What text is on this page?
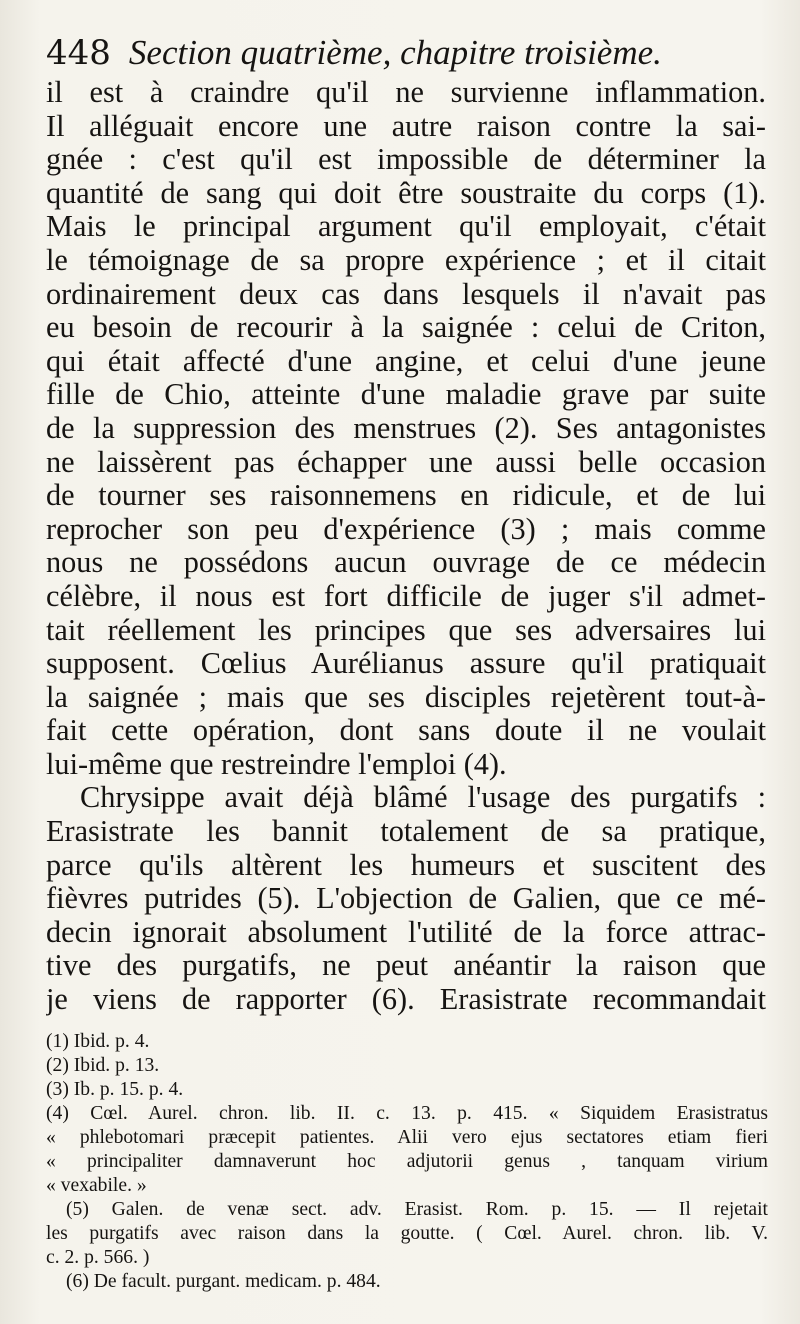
448 Section quatrième, chapitre troisième.
il est à craindre qu'il ne survienne inflammation.
Il alléguait encore une autre raison contre la sai-
gnée : c'est qu'il est impossible de déterminer la
quantité de sang qui doit être soustraite du corps (1).
Mais le principal argument qu'il employait, c'était
le témoignage de sa propre expérience ; et il citait
ordinairement deux cas dans lesquels il n'avait pas
eu besoin de recourir à la saignée : celui de Criton,
qui était affecté d'une angine, et celui d'une jeune
fille de Chio, atteinte d'une maladie grave par suite
de la suppression des menstrues (2). Ses antagonistes
ne laissèrent pas échapper une aussi belle occasion
de tourner ses raisonnemens en ridicule, et de lui
reprocher son peu d'expérience (3) ; mais comme
nous ne possédons aucun ouvrage de ce médecin
célèbre, il nous est fort difficile de juger s'il admet-
tait réellement les principes que ses adversaires lui
supposent. Cœlius Aurélianus assure qu'il pratiquait
la saignée ; mais que ses disciples rejetèrent tout-à-
fait cette opération, dont sans doute il ne voulait
lui-même que restreindre l'emploi (4).
Chrysippe avait déjà blâmé l'usage des purgatifs :
Erasistrate les bannit totalement de sa pratique,
parce qu'ils altèrent les humeurs et suscitent des
fièvres putrides (5). L'objection de Galien, que ce mé-
decin ignorait absolument l'utilité de la force attrac-
tive des purgatifs, ne peut anéantir la raison que
je viens de rapporter (6). Erasistrate recommandait
(1) Ibid. p. 4.
(2) Ibid. p. 13.
(3) Ib. p. 15. p. 4.
(4) Cœl. Aurel. chron. lib. II. c. 13. p. 415. « Siquidem Erasistratus
« phlebotomari præcepit patientes. Alii vero ejus sectatores etiam fieri
« principaliter damnaverunt hoc adjutorii genus , tanquam virium
« vexabile. »
(5) Galen. de venæ sect. adv. Erasist. Rom. p. 15. — Il rejetait
les purgatifs avec raison dans la goutte. ( Cœl. Aurel. chron. lib. V.
c. 2. p. 566. )
(6) De facult. purgant. medicam. p. 484.
